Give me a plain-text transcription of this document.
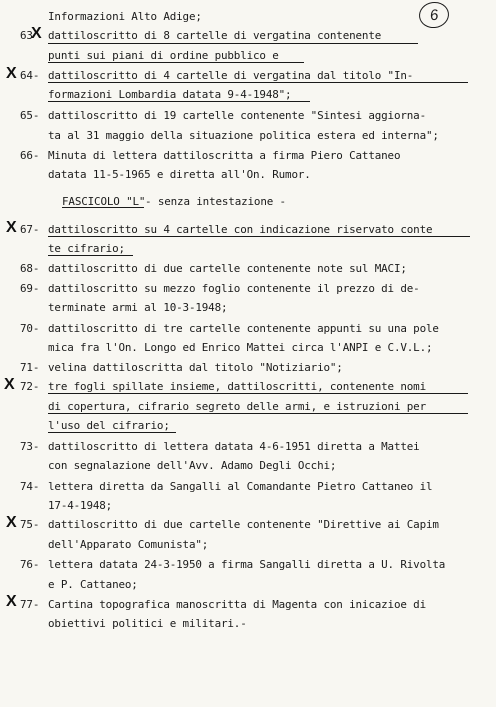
6
Informazioni Alto Adige;
X
63 dattiloscritto di 8 cartelle di vergatina contenente
punti sui piani di ordine pubblico e
X 64- dattiloscritto di 4 cartelle di vergatina dal titolo "In-
formazioni Lombardia datata 9-4-1948";
65- dattiloscritto di 19 cartelle contenente "Sintesi aggiorna-
ta al 31 maggio della situazione politica estera ed interna";
66- Minuta di lettera dattiloscritta a firma Piero Cattaneo
datata 11-5-1965 e diretta all'On. Rumor.
FASCICOLO "L" - senza intestazione -
X 67- dattiloscritto su 4 cartelle con indicazione riservato conte
te cifrario;
68- dattiloscritto di due cartelle contenente note sul MACI;
69- dattiloscritto su mezzo foglio contenente il prezzo di de-
terminate armi al 10-3-1948;
70- dattiloscritto di tre cartelle contenente appunti su una pole
mica fra l'On. Longo ed Enrico Mattei circa l'ANPI e C.V.L.;
71- velina dattiloscritta dal titolo "Notiziario";
X 72- tre fogli spillate insieme, dattiloscritti, contenente nomi
di copertura, cifrario segreto delle armi, e istruzioni per
l'uso del cifrario;
73- dattiloscritto di lettera datata 4-6-1951 diretta a Mattei
con segnalazione dell'Avv. Adamo Degli Occhi;
74- lettera diretta da Sangalli al Comandante Pietro Cattaneo il
17-4-1948;
X 75- dattiloscritto di due cartelle contenente "Direttive ai Capim
dell'Apparato Comunista";
76- lettera datata 24-3-1950 a firma Sangalli diretta a U. Rivolta
e P. Cattaneo;
X 77- Cartina topografica manoscritta di Magenta con inicazioe di
obiettivi politici e militari.-
